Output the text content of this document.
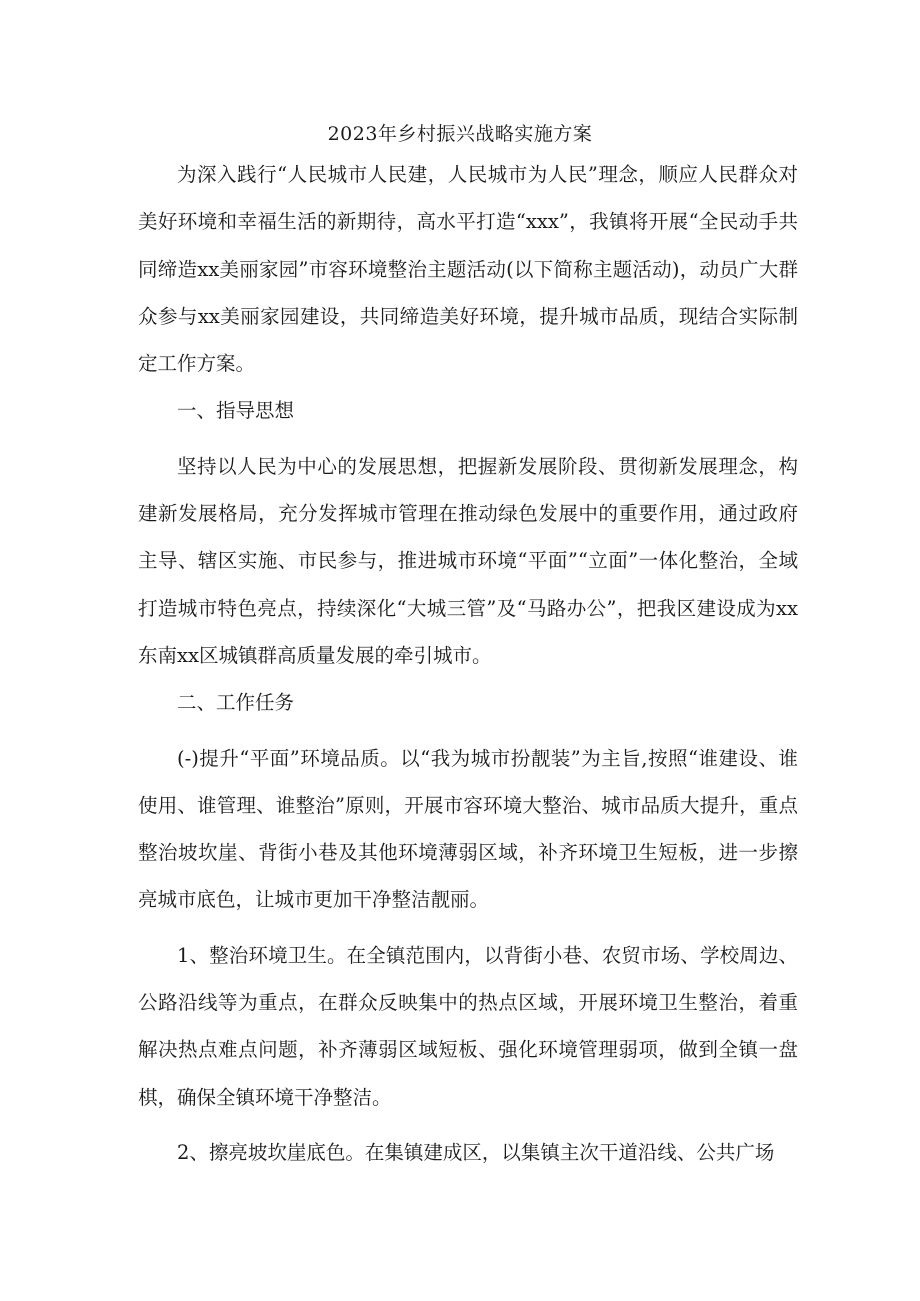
2023年乡村振兴战略实施方案

为深入践行“人民城市人民建，人民城市为人民”理念，顺应人民群众对美好环境和幸福生活的新期待，高水平打造“xxx”，我镇将开展“全民动手共同缔造xx美丽家园”市容环境整治主题活动(以下简称主题活动)，动员广大群众参与xx美丽家园建设，共同缔造美好环境，提升城市品质，现结合实际制定工作方案。

一、指导思想

坚持以人民为中心的发展思想，把握新发展阶段、贯彻新发展理念，构建新发展格局，充分发挥城市管理在推动绿色发展中的重要作用，通过政府主导、辖区实施、市民参与，推进城市环境“平面”“立面”一体化整治，全域打造城市特色亮点，持续深化“大城三管”及“马路办公”，把我区建设成为xx东南xx区城镇群高质量发展的牵引城市。

二、工作任务

(-)提升“平面”环境品质。以“我为城市扮靓装”为主旨,按照“谁建设、谁使用、谁管理、谁整治”原则，开展市容环境大整治、城市品质大提升，重点整治坡坎崖、背街小巷及其他环境薄弱区域，补齐环境卫生短板，进一步擦亮城市底色，让城市更加干净整洁靓丽。

1、整治环境卫生。在全镇范围内，以背街小巷、农贸市场、学校周边、公路沿线等为重点，在群众反映集中的热点区域，开展环境卫生整治，着重解决热点难点问题，补齐薄弱区域短板、强化环境管理弱项，做到全镇一盘棋，确保全镇环境干净整洁。

2、擦亮坡坎崖底色。在集镇建成区，以集镇主次干道沿线、公共广场
